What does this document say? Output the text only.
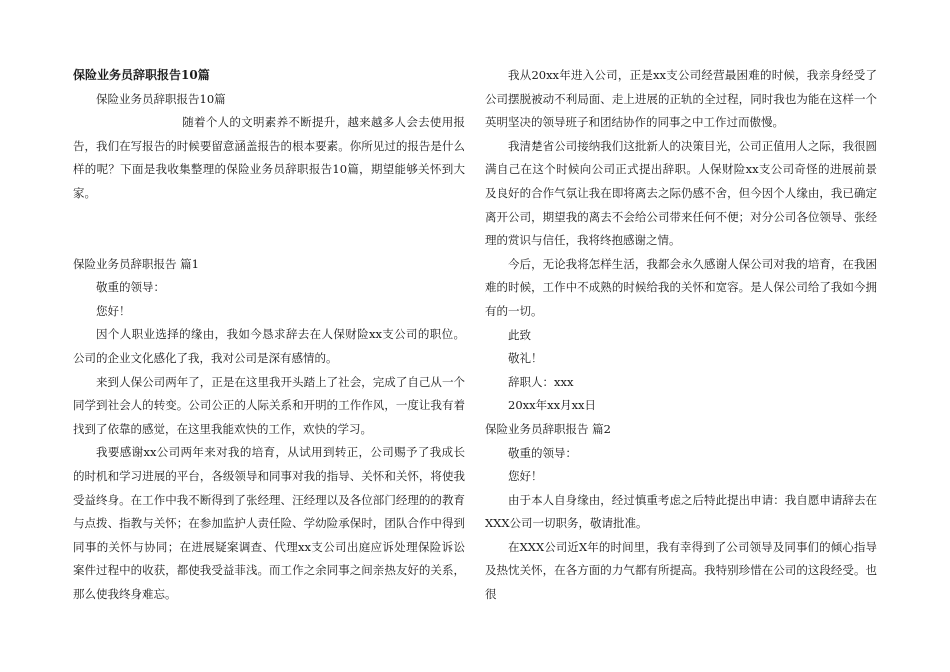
保险业务员辞职报告10篇

保险业务员辞职报告10篇

随着个人的文明素养不断提升，越来越多人会去使用报告，我们在写报告的时候要留意涵盖报告的根本要素。你所见过的报告是什么样的呢？下面是我收集整理的保险业务员辞职报告10篇，期望能够关怀到大家。

保险业务员辞职报告 篇1

敬重的领导：

您好！

因个人职业选择的缘由，我如今恳求辞去在人保财险xx支公司的职位。公司的企业文化感化了我，我对公司是深有感情的。

来到人保公司两年了，正是在这里我开头踏上了社会，完成了自己从一个同学到社会人的转变。公司公正的人际关系和开明的工作作风，一度让我有着找到了依靠的感觉，在这里我能欢快的工作，欢快的学习。

我要感谢xx公司两年来对我的培育，从试用到转正，公司赐予了我成长的时机和学习进展的平台，各级领导和同事对我的指导、关怀和关怀，将使我受益终身。在工作中我不断得到了张经理、汪经理以及各位部门经理的的教育与点拨、指教与关怀；在参加监护人责任险、学幼险承保时，团队合作中得到同事的关怀与协同；在进展疑案调查、代理xx支公司出庭应诉处理保险诉讼案件过程中的收获，都使我受益菲浅。而工作之余同事之间亲热友好的关系，那么使我终身难忘。

我从20xx年进入公司，正是xx支公司经营最困难的时候，我亲身经受了公司摆脱被动不利局面、走上进展的正轨的全过程，同时我也为能在这样一个英明坚决的领导班子和团结协作的同事之中工作过而傲慢。

我清楚省公司接纳我们这批新人的决策目光，公司正值用人之际，我很圆满自己在这个时候向公司正式提出辞职。人保财险xx支公司奇怪的进展前景及良好的合作气氛让我在即将离去之际仍感不舍，但今因个人缘由，我已确定离开公司，期望我的离去不会给公司带来任何不便；对分公司各位领导、张经理的赏识与信任，我将终抱感谢之情。

今后，无论我将怎样生活，我都会永久感谢人保公司对我的培育，在我困难的时候，工作中不成熟的时候给我的关怀和宽容。是人保公司给了我如今拥有的一切。

此致

敬礼！

辞职人：xxx

20xx年xx月xx日

保险业务员辞职报告 篇2

敬重的领导：

您好！

由于本人自身缘由，经过慎重考虑之后特此提出申请：我自愿申请辞去在XXX公司一切职务，敬请批准。

在XXX公司近X年的时间里，我有幸得到了公司领导及同事们的倾心指导及热忱关怀，在各方面的力气都有所提高。我特别珍惜在公司的这段经受。也很
